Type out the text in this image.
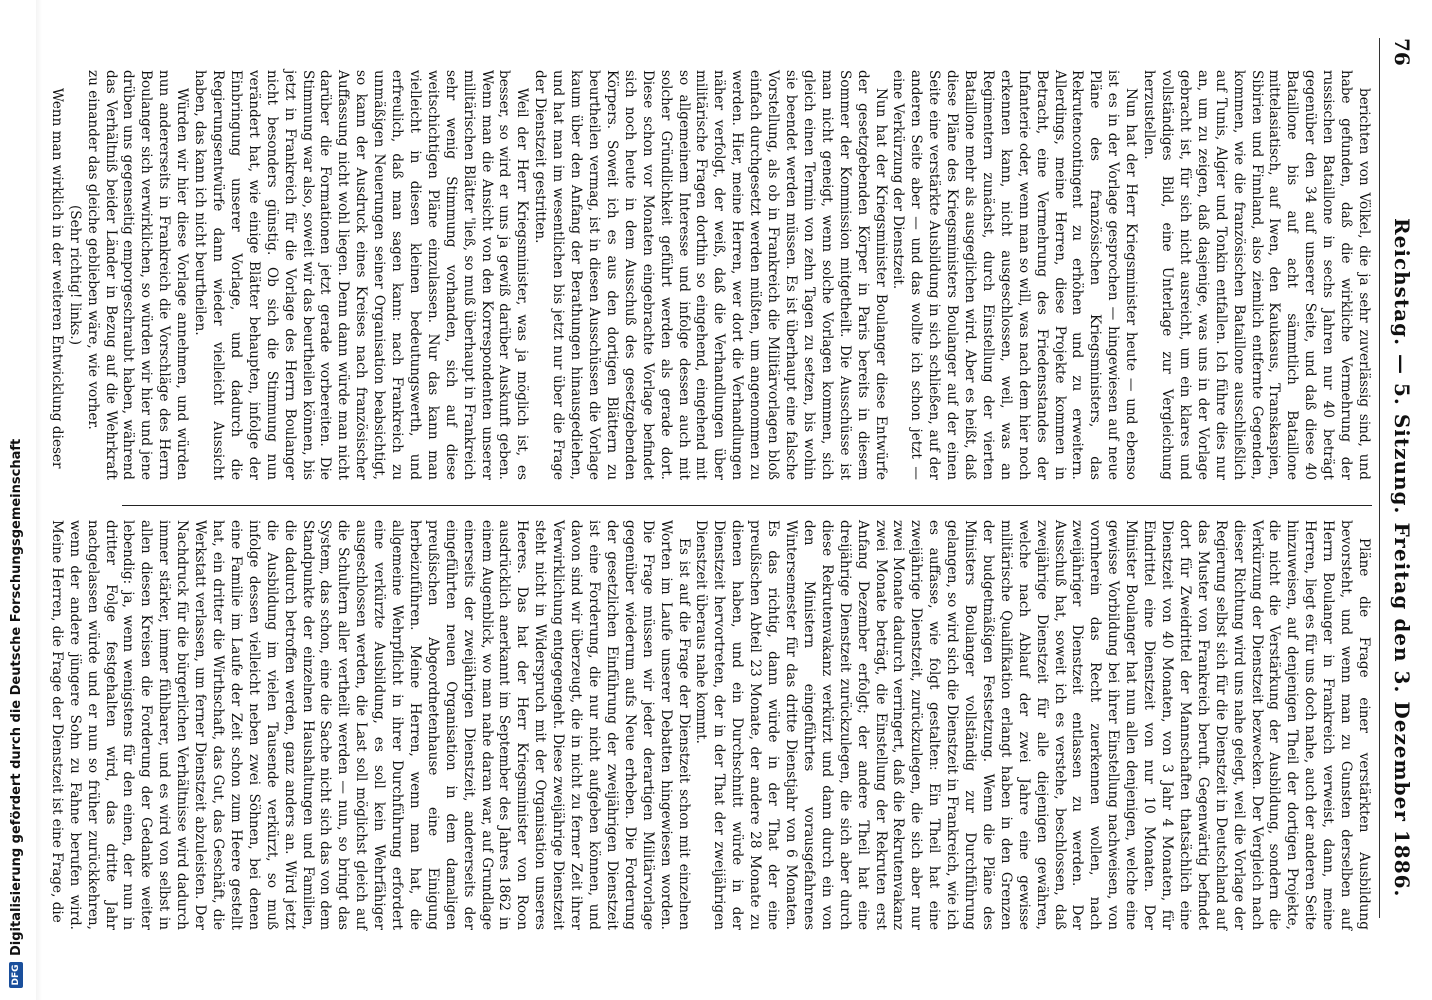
76
Reichstag. — 5. Sitzung. Freitag den 3. Dezember 1886.

berichten von Völkel, die ja sehr zuverlässig sind, und habe gefunden, daß die wirkliche Vermehrung der russischen Bataillone in sechs Jahren nur 40 beträgt gegenüber den 34 auf unserer Seite, und daß diese 40 Bataillone bis auf acht sämmtlich Bataillone mittelasiatisch, auf Iwen, den Kaukasus, Transkaspien, Sibirien und Finnland, also ziemlich entfernte Gegenden, kommen, wie die französischen Bataillone ausschließlich auf Tunis, Algier und Tonkin entfallen. Ich führe dies nur an, um zu zeigen, daß dasjenige, was uns in der Vorlage gebracht ist, für sich nicht ausreicht, um ein klares und vollständiges Bild, eine Unterlage zur Vergleichung herzustellen.

Nun hat der Herr Kriegsminister heute — und ebenso ist es in der Vorlage gesprochen — hingewiesen auf neue Pläne des französischen Kriegsministers, das Rekrutencontingent zu erhöhen und zu erweitern. Allerdings, meine Herren, diese Projekte kommen in Betracht, eine Vermehrung des Friedensstandes der Infanterie oder, wenn man so will, was nach dem hier noch erkennen kann, nicht ausgeschlossen, weil, was an Regimentern zunächst, durch Einstellung der vierten Bataillone mehr als ausgeglichen wird. Aber es heißt, daß diese Pläne des Kriegsministers Boulanger auf der einen Seite eine verstärkte Ausbildung in sich schließen, auf der anderen Seite aber — und das wollte ich schon jetzt — eine Verkürzung der Dienstzeit.

Nun hat der Kriegsminister Boulanger diese Entwürfe der gesetzgebenden Körper in Paris bereits in diesem Sommer der Kommission mitgetheilt. Die Ausschüsse ist man nicht geneigt, wenn solche Vorlagen kommen, sich gleich einen Termin von zehn Tagen zu setzen, bis wohin sie beendet werden müssen. Es ist überhaupt eine falsche Vorstellung, als ob in Frankreich die Militärvorlagen bloß einfach durchgesetzt werden müßten, um angenommen zu werden. Hier, meine Herren, wer dort die Verhandlungen näher verfolgt, der weiß, daß die Verhandlungen über militärische Fragen dorthin so eingehend, eingehend mit so allgemeinem Interesse und infolge dessen auch mit solcher Gründlichkeit geführt werden als gerade dort. Diese schon vor Monaten eingebrachte Vorlage befindet sich noch heute in dem Ausschuß des gesetzgebenden Körpers. Soweit ich es aus den dortigen Blättern zu beurtheilen vermag, ist in diesen Ausschüssen die Vorlage kaum über den Anfang der Berathungen hinausgediehen, und hat man im wesentlichen bis jetzt nur über die Frage der Dienstzeit gestritten.

Weil der Herr Kriegsminister, was ja möglich ist, es besser, so wird er uns ja gewiß darüber Auskunft geben. Wenn man die Ansicht von den Korrespondenten unserer militärischen Blätter 'ließ, so muß überhaupt in Frankreich sehr wenig Stimmung vorhanden, sich auf diese weitschichtigen Pläne einzulassen. Nur das kann man vielleicht in diesen kleinen bedeutungswerth, und erfreulich, daß man sagen kann: nach Frankreich zu unmäßigen Neuerungen seiner Organisation beabsichtigt, so kann der Ausdruck eines Kreises nach französischer Auffassung nicht wohl liegen. Denn dann würde man nicht darüber die Formationen jetzt gerade vorbereiten. Die Stimmung war also, soweit wir das beurtheilen können, bis jetzt in Frankreich für die Vorlage des Herrn Boulanger nicht besonders günstig. Ob sich die Stimmung nun verändert hat, wie einige Blätter behaupten, infolge der Einbringung unserer Vorlage, und dadurch die Regierungsentwürfe dann wieder vielleicht Aussicht haben, das kann ich nicht beurtheilen.

Würden wir hier diese Vorlage annehmen, und würden nun andererseits in Frankreich die Vorschläge des Herrn Boulanger sich verwirklichen, so würden wir hier und jene drüben uns gegenseitig emporgeschraubt haben, während das Verhältniß beider Länder in Bezug auf die Wehrkraft zu einander das gleiche geblieben wäre, wie vorher.

(Sehr richtig! links.)

Wenn man wirklich in der weiteren Entwicklung dieser

Pläne die Frage einer verstärkten Ausbildung bevorsteht, und wenn man zu Gunsten derselben auf Herrn Boulanger in Frankreich verweist, dann, meine Herren, liegt es für uns doch nahe, auch der anderen Seite hinzuweisen, auf denjenigen Theil der dortigen Projekte, die nicht die Verstärkung der Ausbildung, sondern die Verkürzung der Dienstzeit bezwecken. Der Vergleich nach dieser Richtung wird uns nahe gelegt, weil die Vorlage der Regierung selbst sich für die Dienstzeit in Deutschland auf das Muster von Frankreich beruft. Gegenwärtig befindet dort für Zweidrittel der Mannschaften thatsächlich eine Dienstzeit von 40 Monaten, von 3 Jahr 4 Monaten, für Eindrittel eine Dienstzeit von nur 10 Monaten. Der Minister Boulanger hat nun allen denjenigen, welche eine gewisse Vorbildung bei ihrer Einstellung nachweisen, von vornherein das Recht zuerkennen wollen, nach zweijähriger Dienstzeit entlassen zu werden. Der Ausschuß hat, soweit ich es verstehe, beschlossen, daß zweijährige Dienstzeit für alle diejenigen gewähren, welche nach Ablauf der zwei Jahre eine gewisse militärische Qualifikation erlangt haben in den Grenzen der budgetmäßigen Festsetzung. Wenn die Pläne des Ministers Boulanger vollständig zur Durchführung gelangen, so wird sich die Dienstzeit in Frankreich, wie ich es auffasse, wie folgt gestalten: Ein Theil hat eine zweijährige Dienstzeit, zurückzulegen, die sich aber nur zwei Monate dadurch verringert, daß die Rekrutenvakanz zwei Monate beträgt, die Einstellung der Rekruten erst Anfang Dezember erfolgt; der andere Theil hat eine dreijährige Dienstzeit zurückzulegen, die sich aber durch diese Rekrutenvakanz verkürzt und dann durch ein von den Ministern eingeführtes vorausgefahrenes Wintersemester für das dritte Dienstjahr von 6 Monaten. Es das richtig, dann würde in der That der eine preußischen Abteil 23 Monate, der andere 28 Monate zu dienen haben, und ein Durchschnitt würde in der Dienstzeit hervortreten, der in der That der zweijährigen Dienstzeit überaus nahe kommt.

Es ist auf die Frage der Dienstzeit schon mit einzelnen Worten im Laufe unserer Debatten hingewiesen worden. Die Frage müssen wir jeder derartigen Militärvorlage gegenüber wiederum aufs Neue erheben. Die Forderung der gesetzlichen Einführung der zweijährigen Dienstzeit ist eine Forderung, die nur nicht aufgeben können, und davon sind wir überzeugt, die in nicht zu ferner Zeit ihrer Verwirklichung entgegengeht. Diese zweijährige Dienstzeit steht nicht in Widerspruch mit der Organisation unseres Heeres. Das hat der Herr Kriegsminister von Roon ausdrücklich anerkannt im September des Jahres 1862 in einem Augenblick, wo man nahe daran war, auf Grundlage einerseits der zweijährigen Dienstzeit, andererseits der eingeführten neuen Organisation in dem damaligen preußischen Abgeordnetenhause eine Einigung herbeizuführen. Meine Herren, wenn man hat, die allgemeine Wehrpflicht in ihrer Durchführung erfordert eine verkürzte Ausbildung, es soll kein Wehrfähiger ausgeschlossen werden, die Last soll möglichst gleich auf die Schultern aller vertheilt werden — nun, so bringt das System, das schon, eine die Sache nicht sich das von dem Standpunkte der einzelnen Haushaltungen und Familien, die dadurch betroffen werden, ganz anders an. Wird jetzt die Ausbildung im vielen Tausende verkürzt, so muß infolge dessen vielleicht neben zwei Söhnen, bei denen eine Familie im Laufe der Zeit schon zum Heere gestellt hat, ein dritter die Wirthschaft, das Gut, das Geschäft, die Werkstatt verlassen, um ferner Dienstzeit abzuleisten. Der Nachdruck für die bürgerlichen Verhältnisse wird dadurch immer stärker, immer fühlbarer, und es wird von selbst in allen diesen Kreisen die Forderung der Gedanke weiter lebendig: ja, wenn wenigstens für den einen, der nun in dritter Folge festgehalten wird, das dritte Jahr nachgelassen würde und er nun so früher zurückkehren, wenn der andere jüngere Sohn zu Fahne berufen wird. Meine Herren, die Frage der Dienstzeit ist eine Frage, die

DFG
Digitalisierung gefördert durch die Deutsche Forschungsgemeinschaft
